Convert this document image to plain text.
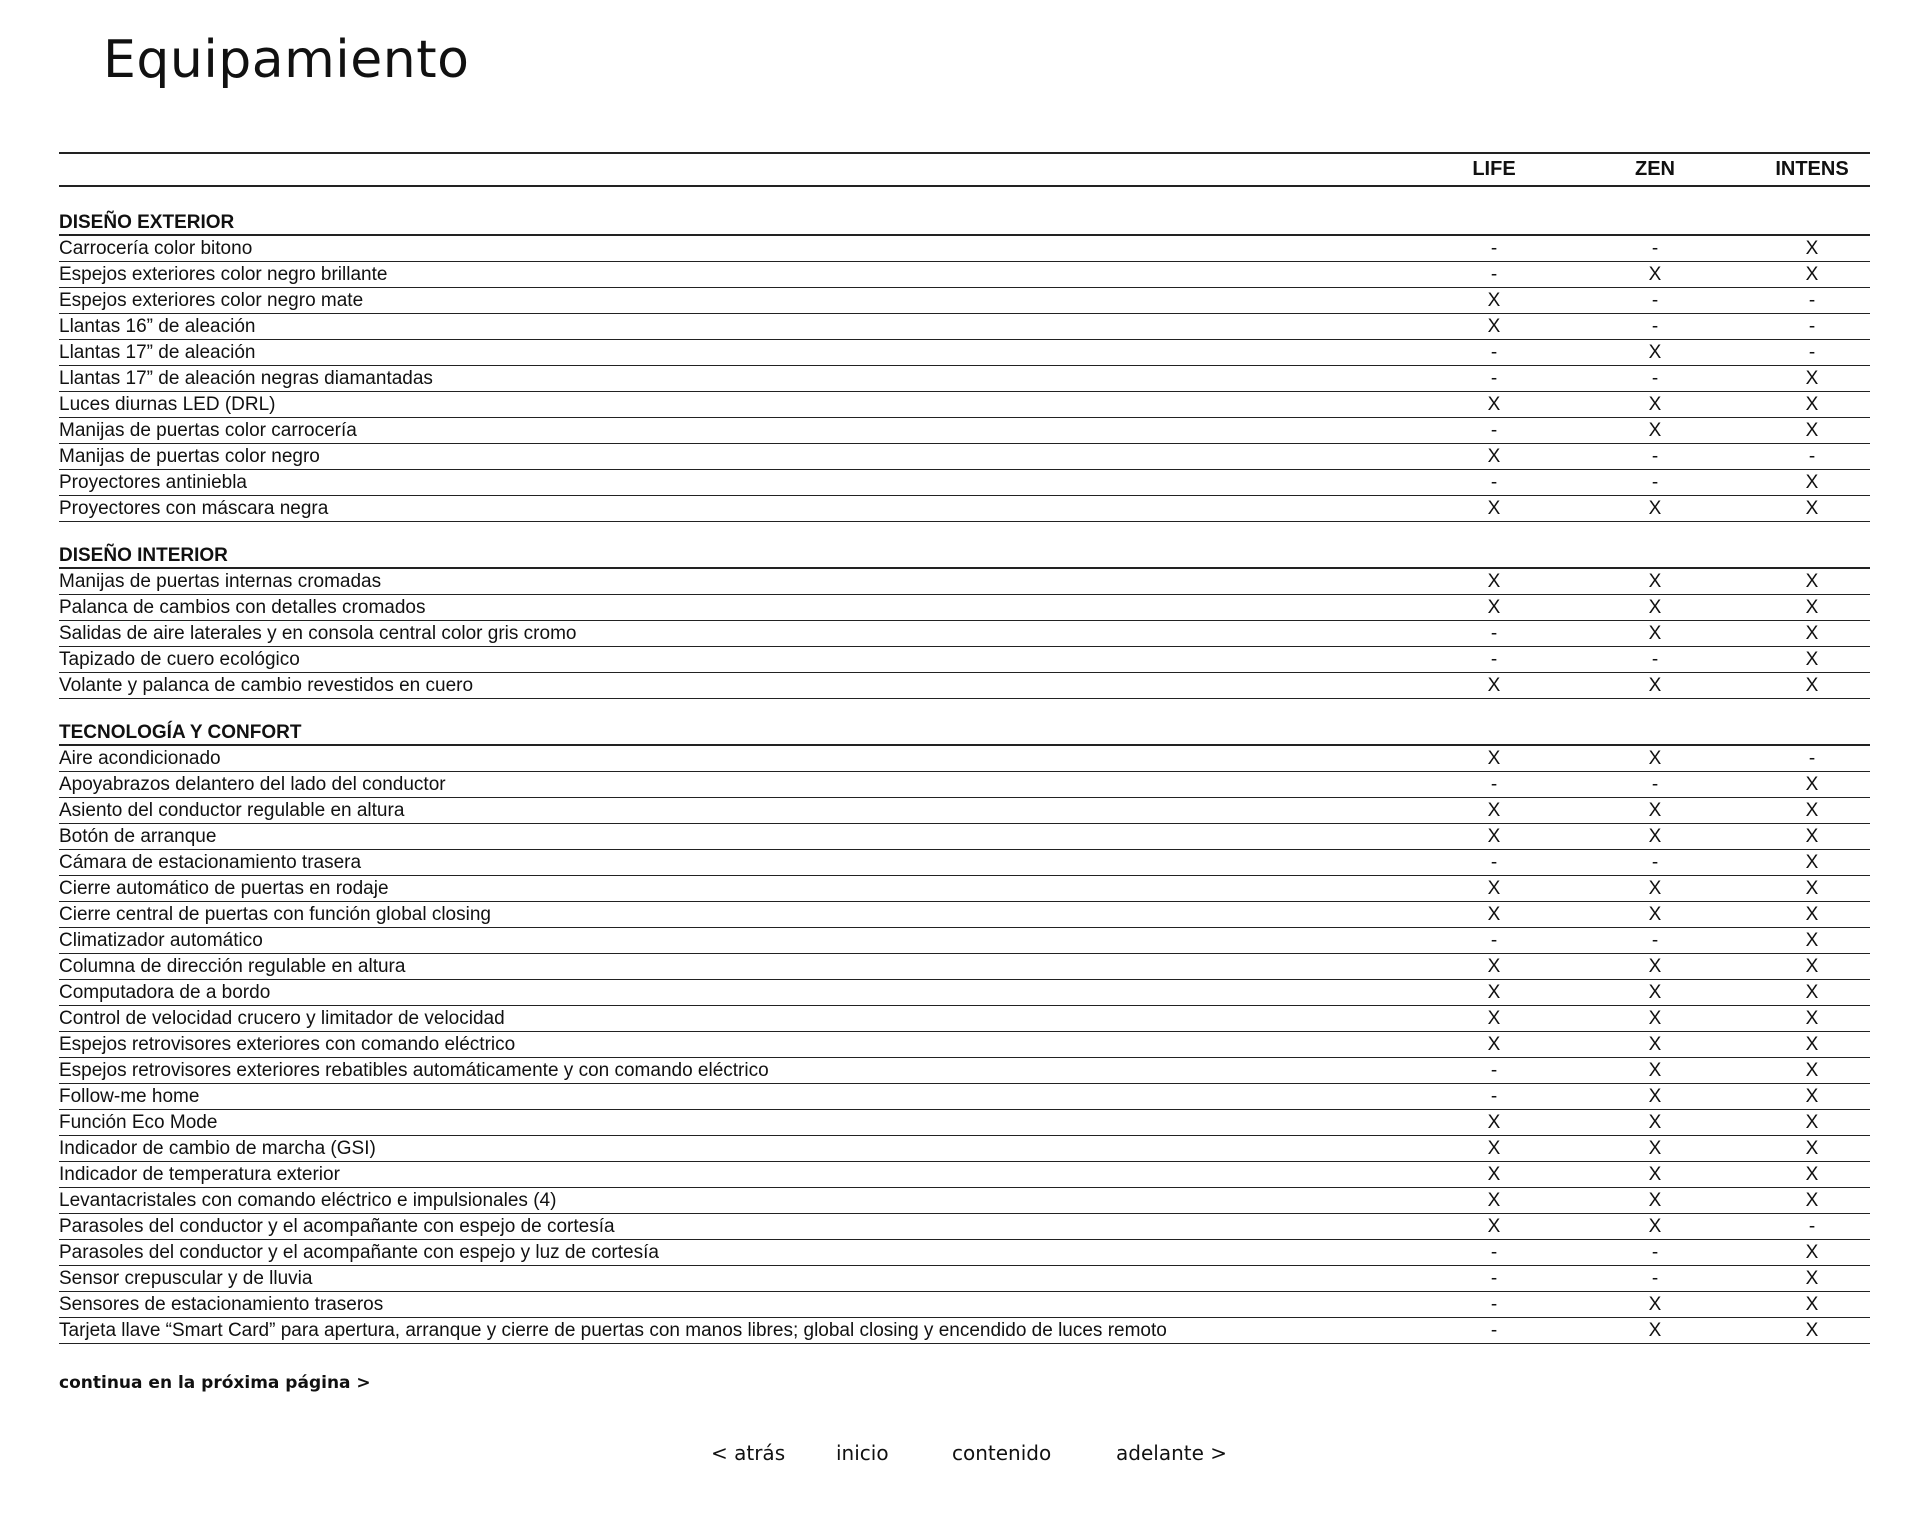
Equipamiento
LIFE	ZEN	INTENS
DISEÑO EXTERIOR
Carrocería color bitono	-	-	X
Espejos exteriores color negro brillante	-	X	X
Espejos exteriores color negro mate	X	-	-
Llantas 16” de aleación	X	-	-
Llantas 17” de aleación	-	X	-
Llantas 17” de aleación negras diamantadas	-	-	X
Luces diurnas LED (DRL)	X	X	X
Manijas de puertas color carrocería	-	X	X
Manijas de puertas color negro	X	-	-
Proyectores antiniebla	-	-	X
Proyectores con máscara negra	X	X	X
DISEÑO INTERIOR
Manijas de puertas internas cromadas	X	X	X
Palanca de cambios con detalles cromados	X	X	X
Salidas de aire laterales y en consola central color gris cromo	-	X	X
Tapizado de cuero ecológico	-	-	X
Volante y palanca de cambio revestidos en cuero	X	X	X
TECNOLOGÍA Y CONFORT
Aire acondicionado	X	X	-
Apoyabrazos delantero del lado del conductor	-	-	X
Asiento del conductor regulable en altura	X	X	X
Botón de arranque	X	X	X
Cámara de estacionamiento trasera	-	-	X
Cierre automático de puertas en rodaje	X	X	X
Cierre central de puertas con función global closing	X	X	X
Climatizador automático	-	-	X
Columna de dirección regulable en altura	X	X	X
Computadora de a bordo	X	X	X
Control de velocidad crucero y limitador de velocidad	X	X	X
Espejos retrovisores exteriores con comando eléctrico	X	X	X
Espejos retrovisores exteriores rebatibles automáticamente y con comando eléctrico	-	X	X
Follow-me home	-	X	X
Función Eco Mode	X	X	X
Indicador de cambio de marcha (GSI)	X	X	X
Indicador de temperatura exterior	X	X	X
Levantacristales con comando eléctrico e impulsionales (4)	X	X	X
Parasoles del conductor y el acompañante con espejo de cortesía	X	X	-
Parasoles del conductor y el acompañante con espejo y luz de cortesía	-	-	X
Sensor crepuscular y de lluvia	-	-	X
Sensores de estacionamiento traseros	-	X	X
Tarjeta llave “Smart Card” para apertura, arranque y cierre de puertas con manos libres; global closing y encendido de luces remoto	-	X	X
continua en la próxima página >
< atrás	inicio	contenido	adelante >
